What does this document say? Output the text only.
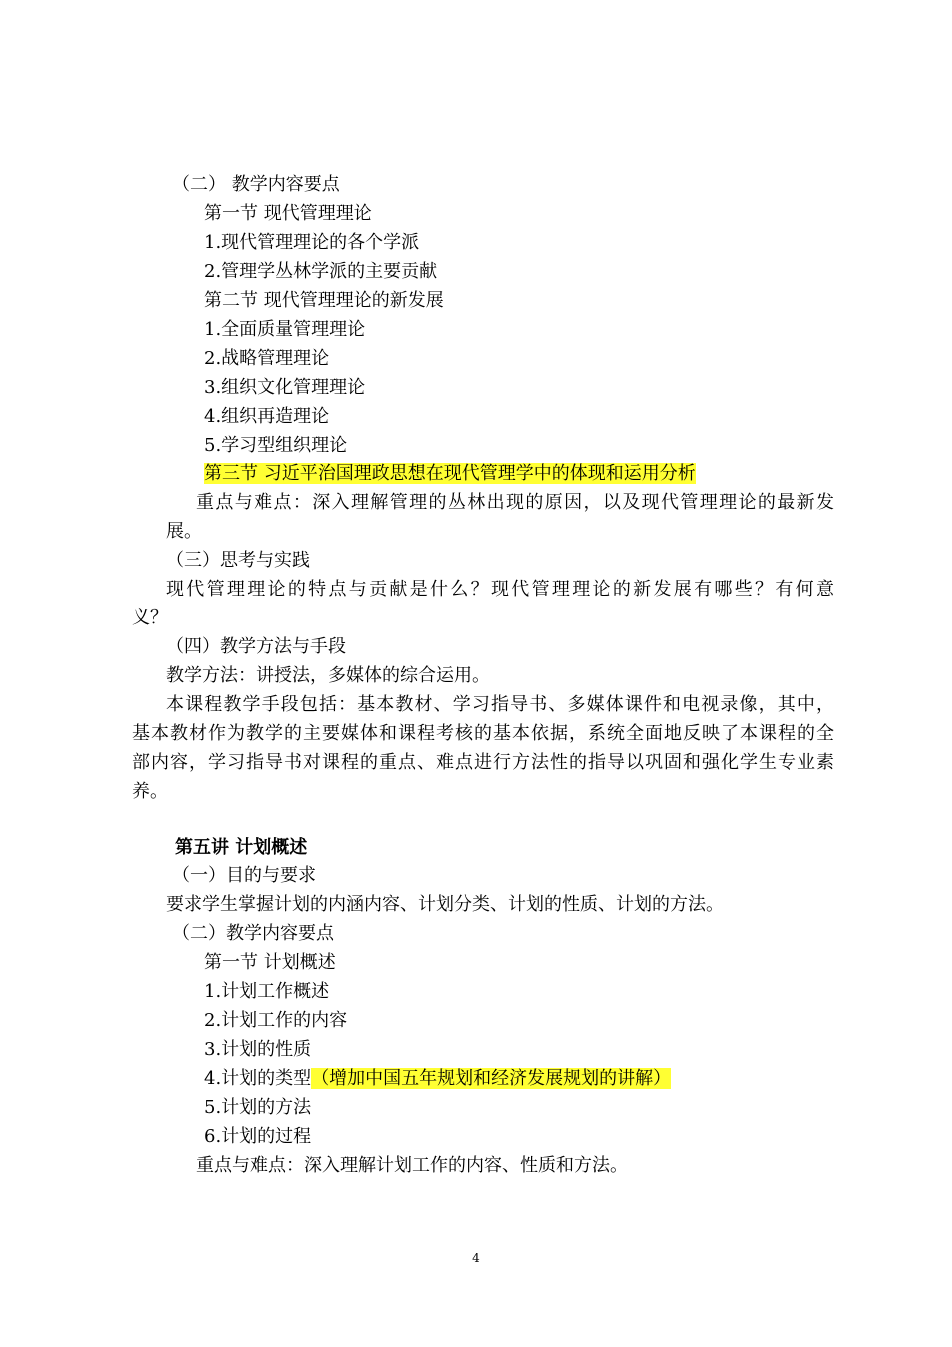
（二） 教学内容要点
第一节 现代管理理论
1.现代管理理论的各个学派
2.管理学丛林学派的主要贡献
第二节 现代管理理论的新发展
1.全面质量管理理论
2.战略管理理论
3.组织文化管理理论
4.组织再造理论
5.学习型组织理论
第三节 习近平治国理政思想在现代管理学中的体现和运用分析
重点与难点：深入理解管理的丛林出现的原因，以及现代管理理论的最新发
展。
（三）思考与实践
现代管理理论的特点与贡献是什么？现代管理理论的新发展有哪些？有何意
义？
（四）教学方法与手段
教学方法：讲授法，多媒体的综合运用。
本课程教学手段包括：基本教材、学习指导书、多媒体课件和电视录像，其中，
基本教材作为教学的主要媒体和课程考核的基本依据，系统全面地反映了本课程的全
部内容，学习指导书对课程的重点、难点进行方法性的指导以巩固和强化学生专业素
养。
第五讲 计划概述
（一）目的与要求
要求学生掌握计划的内涵内容、计划分类、计划的性质、计划的方法。
（二）教学内容要点
第一节 计划概述
1.计划工作概述
2.计划工作的内容
3.计划的性质
4.计划的类型（增加中国五年规划和经济发展规划的讲解）
5.计划的方法
6.计划的过程
重点与难点：深入理解计划工作的内容、性质和方法。
4
